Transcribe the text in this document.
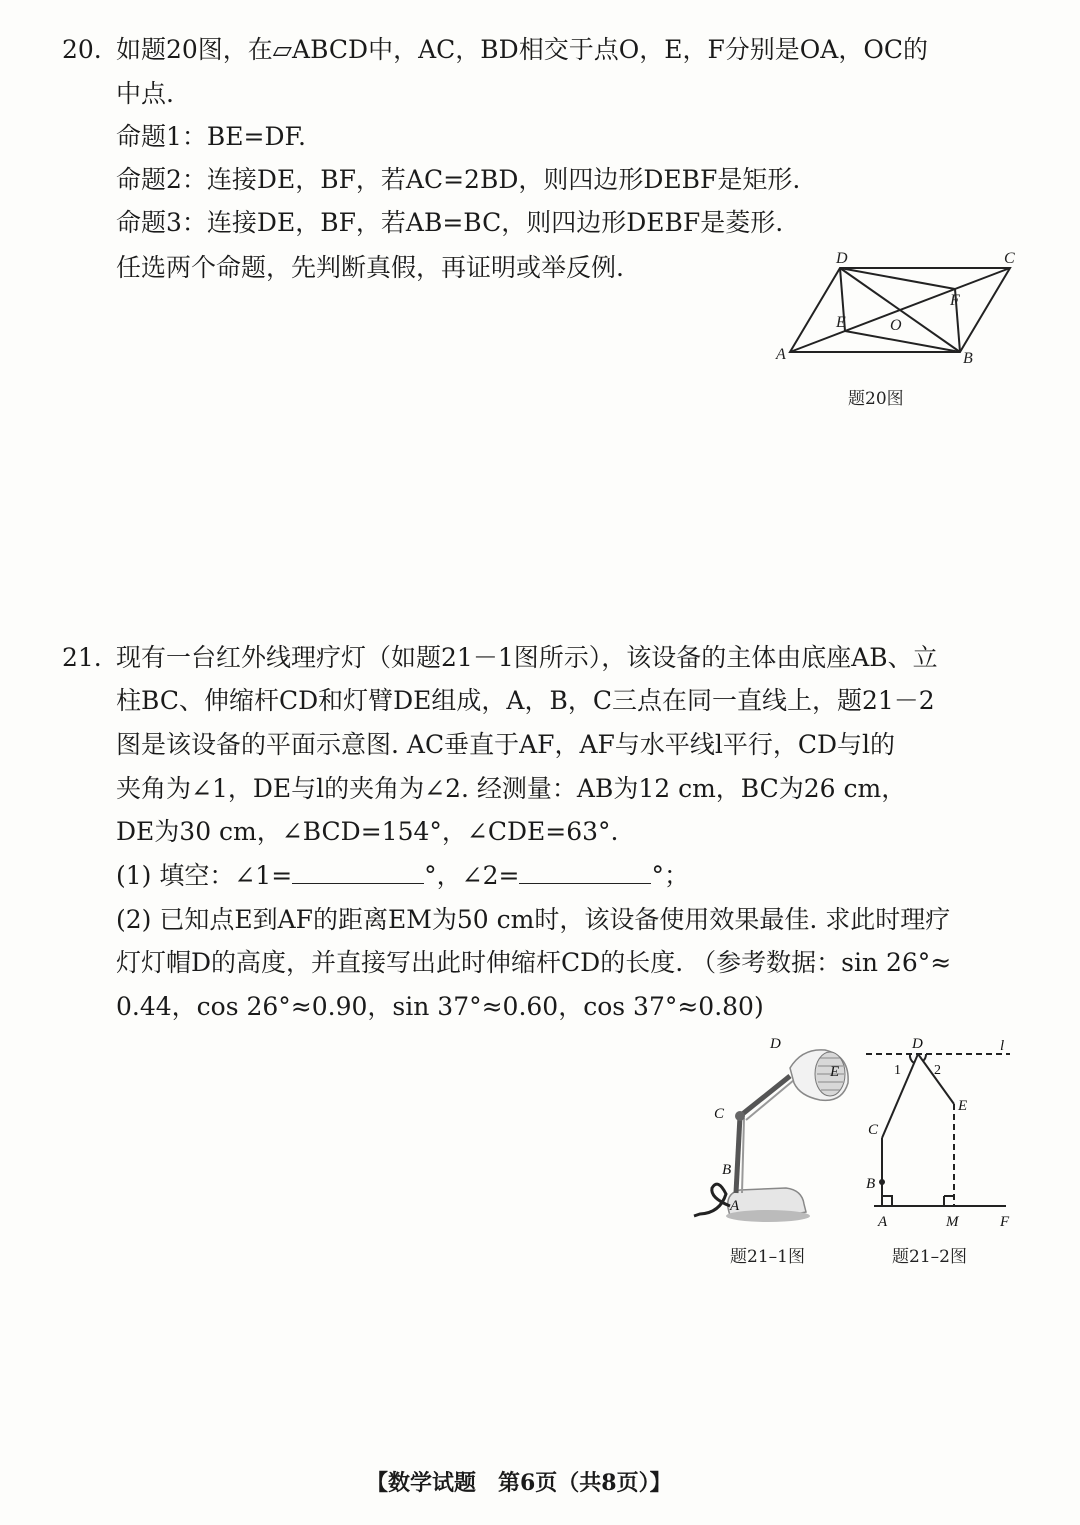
20. 如题20图，在▱ABCD中，AC，BD相交于点O，E，F分别是OA，OC的
中点.
命题1：BE=DF.
命题2：连接DE，BF，若AC=2BD，则四边形DEBF是矩形.
命题3：连接DE，BF，若AB=BC，则四边形DEBF是菱形.
任选两个命题，先判断真假，再证明或举反例.
A	B
C
D
E
F
O
题20图
21. 现有一台红外线理疗灯（如题21－1图所示），该设备的主体由底座AB、立
柱BC、伸缩杆CD和灯臂DE组成，A，B，C三点在同一直线上，题21－2
图是该设备的平面示意图. AC垂直于AF，AF与水平线l平行，CD与l的
夹角为∠1，DE与l的夹角为∠2. 经测量：AB为12 cm，BC为26 cm，
DE为30 cm，∠BCD=154°，∠CDE=63°.
(1) 填空：∠1=	°，∠2=	°；
(2) 已知点E到AF的距离EM为50 cm时，该设备使用效果最佳. 求此时理疗
灯灯帽D的高度，并直接写出此时伸缩杆CD的长度. （参考数据：sin 26°≈
0.44，cos 26°≈0.90，sin 37°≈0.60，cos 37°≈0.80)
D
E
C
B
A
题21–1图
D	l
E
C
B
A	M	F
1 2
题21–2图
【数学试题　第6页（共8页）】
